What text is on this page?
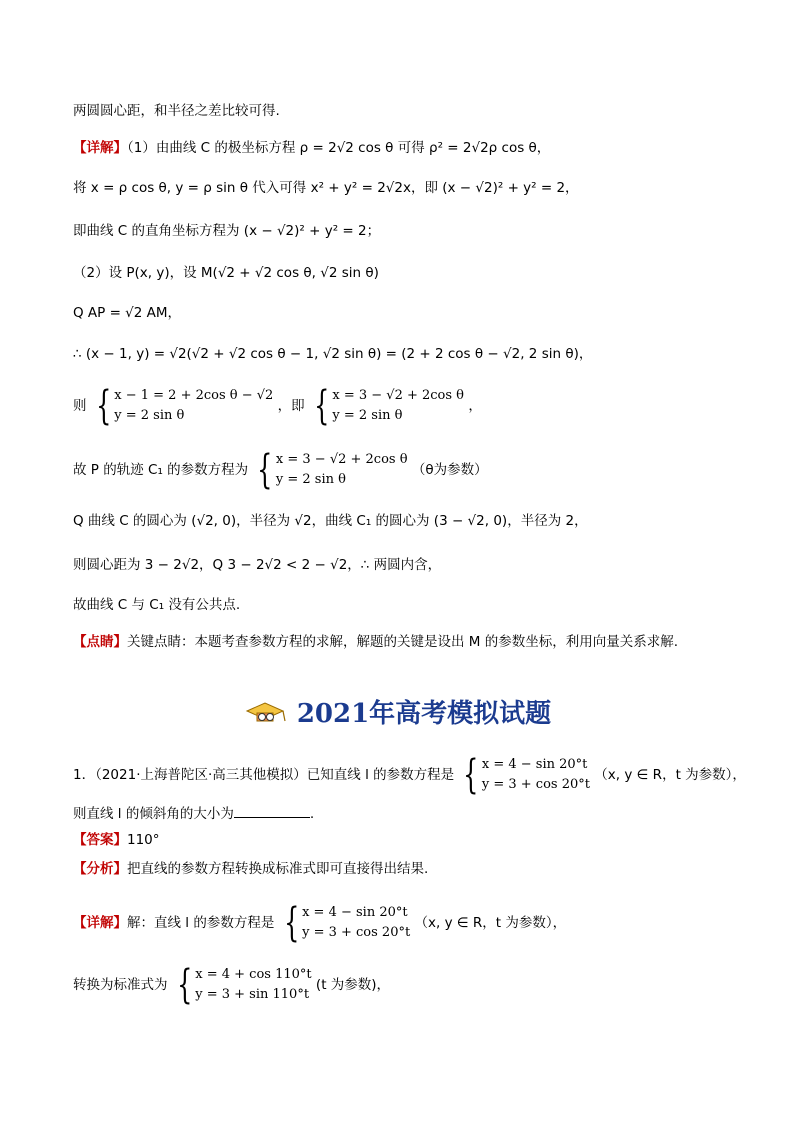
两圆圆心距，和半径之差比较可得.
【详解】（1）由曲线 C 的极坐标方程 ρ = 2√2 cos θ 可得 ρ² = 2√2ρ cos θ，
将 x = ρ cos θ, y = ρ sin θ 代入可得 x² + y² = 2√2x，即 (x − √2)² + y² = 2，
即曲线 C 的直角坐标方程为 (x − √2)² + y² = 2；
（2）设 P(x, y)，设 M(√2 + √2 cos θ, √2 sin θ)
Q AP = √2 AM，
∴ (x − 1, y) = √2(√2 + √2 cos θ − 1, √2 sin θ) = (2 + 2 cos θ − √2, 2 sin θ)，
则 { x − 1 = 2 + 2cos θ − √2
y = 2 sin θ
，即 { x = 3 − √2 + 2cos θ
y = 2 sin θ
，
故 P 的轨迹 C₁ 的参数方程为 { x = 3 − √2 + 2cos θ
y = 2 sin θ
（θ为参数）
Q 曲线 C 的圆心为 (√2, 0)，半径为 √2，曲线 C₁ 的圆心为 (3 − √2, 0)，半径为 2，
则圆心距为 3 − 2√2，Q 3 − 2√2 < 2 − √2，∴ 两圆内含，
故曲线 C 与 C₁ 没有公共点.
【点睛】关键点睛：本题考查参数方程的求解，解题的关键是设出 M 的参数坐标，利用向量关系求解.
2021年高考模拟试题
1．（2021·上海普陀区·高三其他模拟）已知直线 l 的参数方程是 { x = 4 − sin 20°t
y = 3 + cos 20°t
（x, y ∈ R，t 为参数），
则直线 l 的倾斜角的大小为	.
【答案】110°
【分析】把直线的参数方程转换成标准式即可直接得出结果.
【详解】解：直线 l 的参数方程是 { x = 4 − sin 20°t
y = 3 + cos 20°t
（x, y ∈ R，t 为参数），
转换为标准式为 { x = 4 + cos 110°t
y = 3 + sin 110°t
(t 为参数)，
